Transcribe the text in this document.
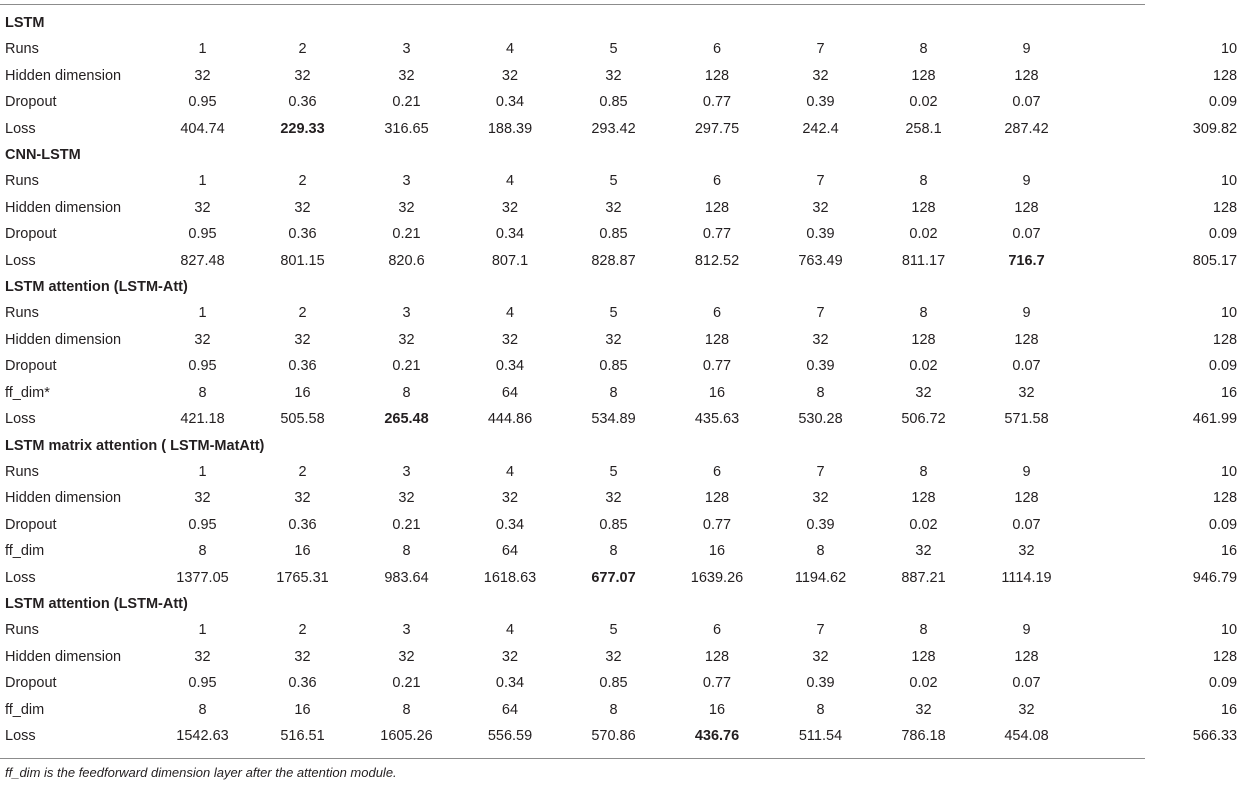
LSTM										
Runs	1	2	3	4	5	6	7	8	9	10
Hidden dimension	32	32	32	32	32	128	32	128	128	128
Dropout	0.95	0.36	0.21	0.34	0.85	0.77	0.39	0.02	0.07	0.09
Loss	404.74	229.33	316.65	188.39	293.42	297.75	242.4	258.1	287.42	309.82
CNN-LSTM										
Runs	1	2	3	4	5	6	7	8	9	10
Hidden dimension	32	32	32	32	32	128	32	128	128	128
Dropout	0.95	0.36	0.21	0.34	0.85	0.77	0.39	0.02	0.07	0.09
Loss	827.48	801.15	820.6	807.1	828.87	812.52	763.49	811.17	716.7	805.17
LSTM attention (LSTM-Att)										
Runs	1	2	3	4	5	6	7	8	9	10
Hidden dimension	32	32	32	32	32	128	32	128	128	128
Dropout	0.95	0.36	0.21	0.34	0.85	0.77	0.39	0.02	0.07	0.09
ff_dim*	8	16	8	64	8	16	8	32	32	16
Loss	421.18	505.58	265.48	444.86	534.89	435.63	530.28	506.72	571.58	461.99
LSTM matrix attention ( LSTM-MatAtt)										
Runs	1	2	3	4	5	6	7	8	9	10
Hidden dimension	32	32	32	32	32	128	32	128	128	128
Dropout	0.95	0.36	0.21	0.34	0.85	0.77	0.39	0.02	0.07	0.09
ff_dim	8	16	8	64	8	16	8	32	32	16
Loss	1377.05	1765.31	983.64	1618.63	677.07	1639.26	1194.62	887.21	1114.19	946.79
LSTM attention (LSTM-Att)										
Runs	1	2	3	4	5	6	7	8	9	10
Hidden dimension	32	32	32	32	32	128	32	128	128	128
Dropout	0.95	0.36	0.21	0.34	0.85	0.77	0.39	0.02	0.07	0.09
ff_dim	8	16	8	64	8	16	8	32	32	16
Loss	1542.63	516.51	1605.26	556.59	570.86	436.76	511.54	786.18	454.08	566.33
ff_dim is the feedforward dimension layer after the attention module.
